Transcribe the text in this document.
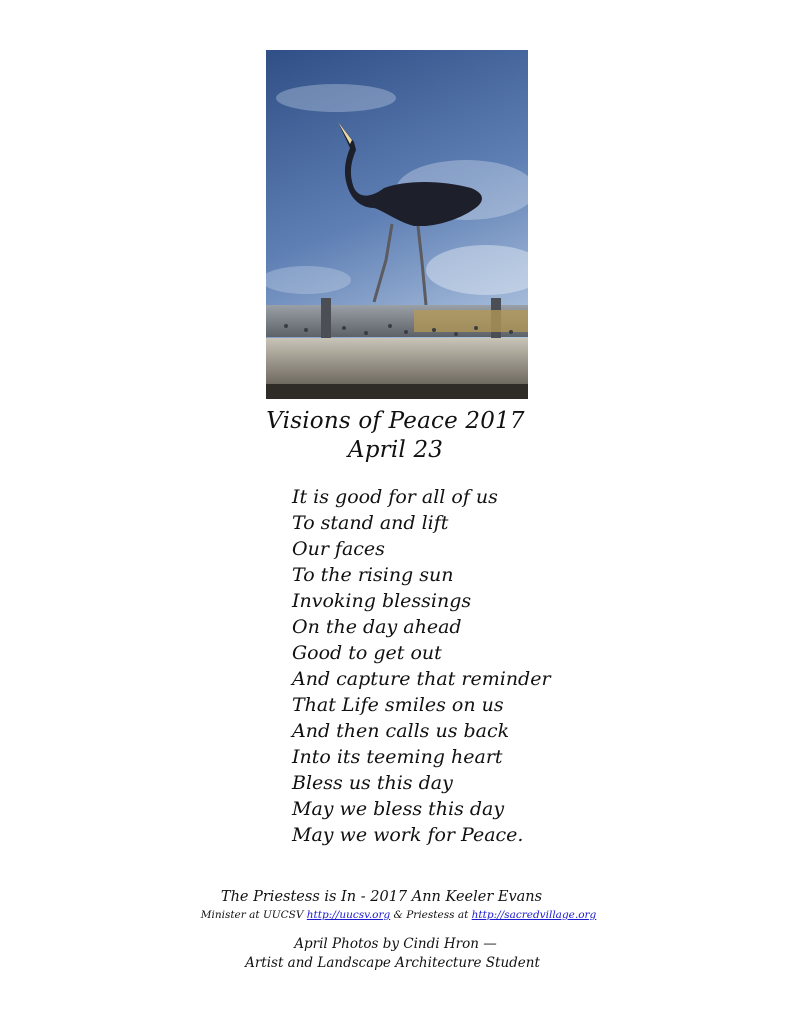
Visions of Peace 2017
April 23
It is good for all of us
To stand and lift
Our faces
To the rising sun
Invoking blessings
On the day ahead
Good to get out
And capture that reminder
That Life smiles on us
And then calls us back
Into its teeming heart
Bless us this day
May we bless this day
May we work for Peace.
The Priestess is In - 2017 Ann Keeler Evans
Minister at UUCSV http://uucsv.org & Priestess at http://sacredvillage.org
April Photos by Cindi Hron —
Artist and Landscape Architecture Student
